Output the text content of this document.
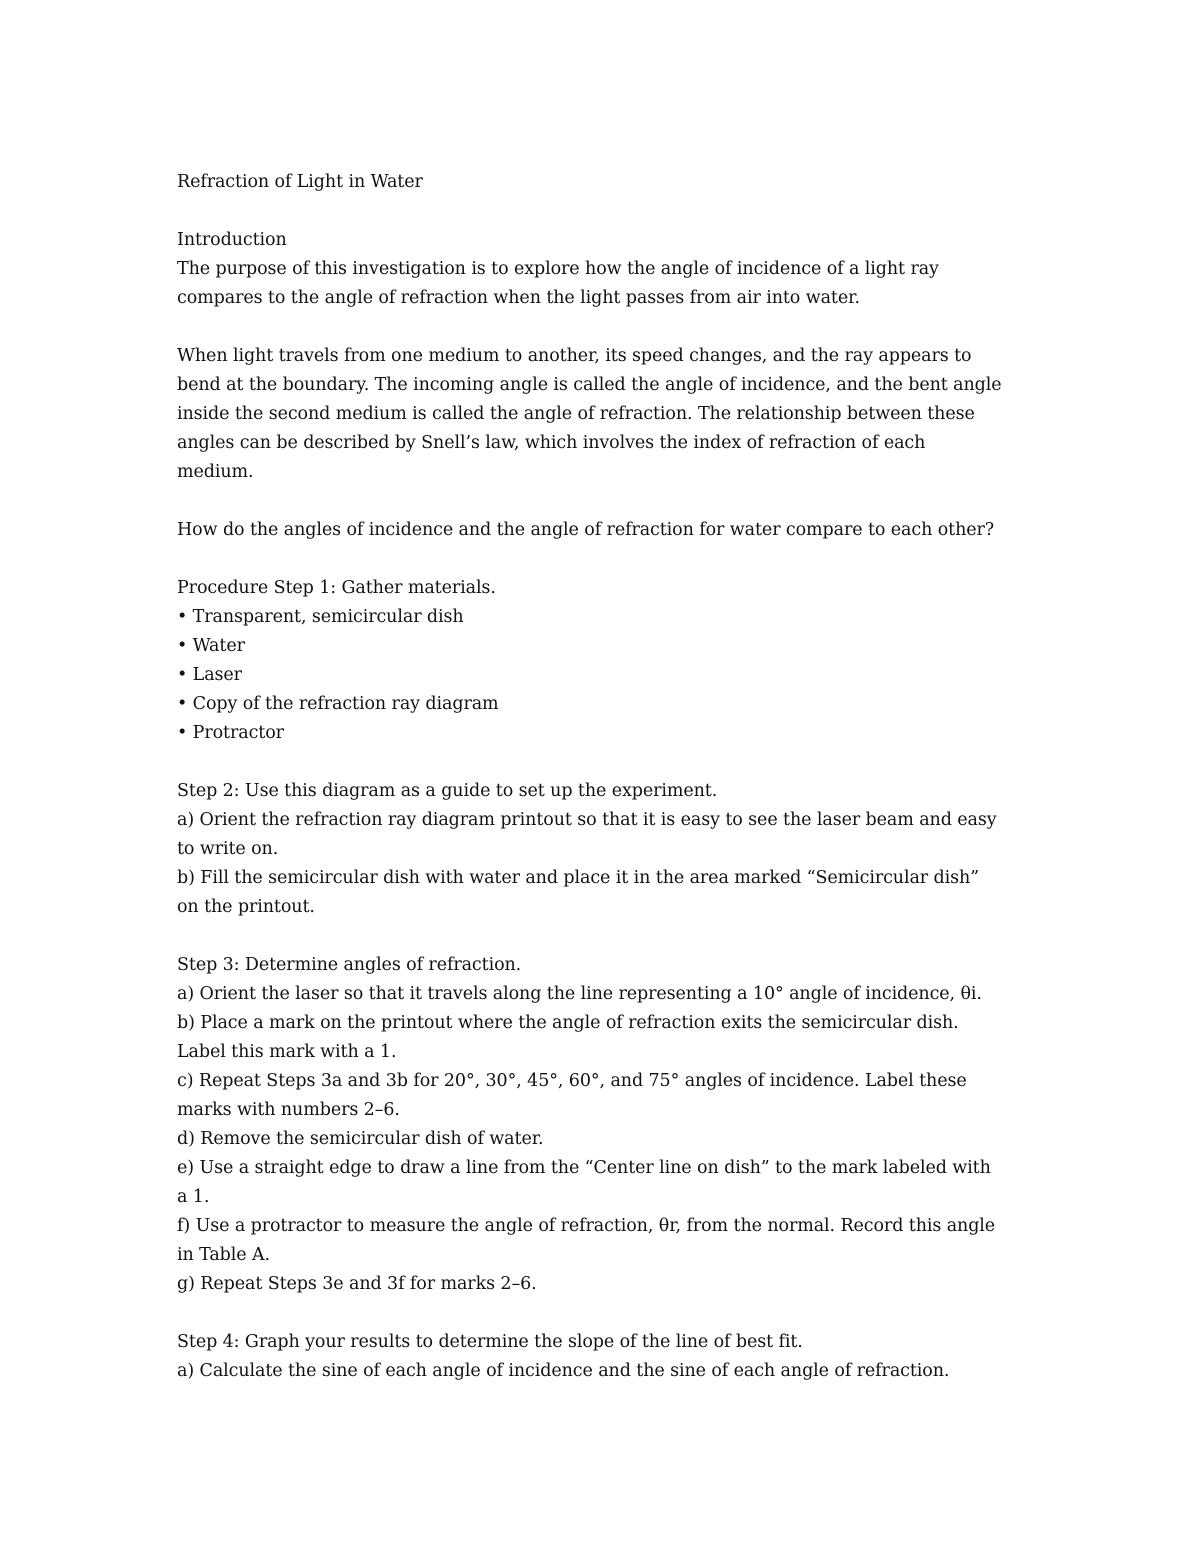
Refraction of Light in Water
Introduction
The purpose of this investigation is to explore how the angle of incidence of a light ray
compares to the angle of refraction when the light passes from air into water.
When light travels from one medium to another, its speed changes, and the ray appears to
bend at the boundary. The incoming angle is called the angle of incidence, and the bent angle
inside the second medium is called the angle of refraction. The relationship between these
angles can be described by Snell’s law, which involves the index of refraction of each
medium.
How do the angles of incidence and the angle of refraction for water compare to each other?
Procedure Step 1: Gather materials.
• Transparent, semicircular dish
• Water
• Laser
• Copy of the refraction ray diagram
• Protractor
Step 2: Use this diagram as a guide to set up the experiment.
a) Orient the refraction ray diagram printout so that it is easy to see the laser beam and easy
to write on.
b) Fill the semicircular dish with water and place it in the area marked “Semicircular dish”
on the printout.
Step 3: Determine angles of refraction.
a) Orient the laser so that it travels along the line representing a 10° angle of incidence, θi.
b) Place a mark on the printout where the angle of refraction exits the semicircular dish.
Label this mark with a 1.
c) Repeat Steps 3a and 3b for 20°, 30°, 45°, 60°, and 75° angles of incidence. Label these
marks with numbers 2–6.
d) Remove the semicircular dish of water.
e) Use a straight edge to draw a line from the “Center line on dish” to the mark labeled with
a 1.
f) Use a protractor to measure the angle of refraction, θr, from the normal. Record this angle
in Table A.
g) Repeat Steps 3e and 3f for marks 2–6.
Step 4: Graph your results to determine the slope of the line of best fit.
a) Calculate the sine of each angle of incidence and the sine of each angle of refraction.
